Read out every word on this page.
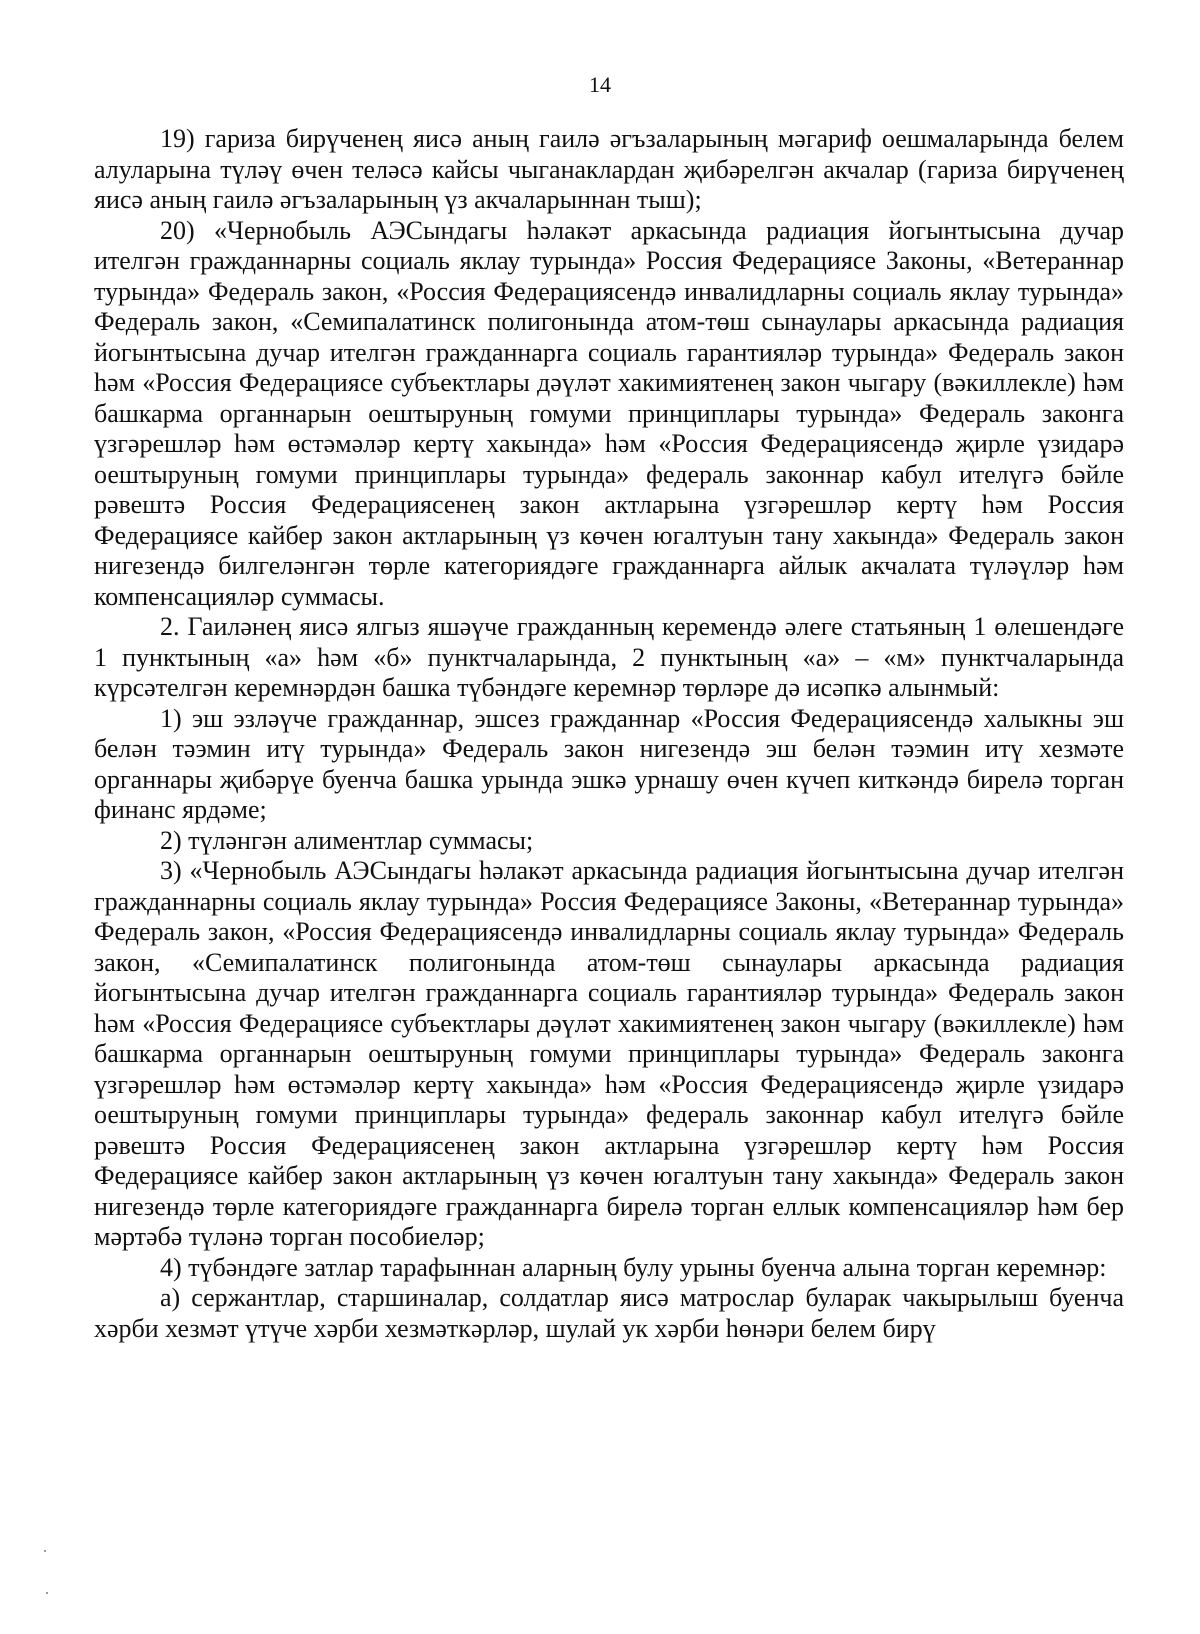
14

19) гариза бирүченең яисә аның гаилә әгъзаларының мәгариф оешмаларында белем алуларына түләү өчен теләсә кайсы чыганаклардан җибәрелгән акчалар (гариза бирүченең яисә аның гаилә әгъзаларының үз акчаларыннан тыш);

20) «Чернобыль АЭСындагы һәлакәт аркасында радиация йогынтысына дучар ителгән гражданнарны социаль яклау турында» Россия Федерациясе Законы, «Ветераннар турында» Федераль закон, «Россия Федерациясендә инвалидларны социаль яклау турында» Федераль закон, «Семипалатинск полигонында атом-төш сынаулары аркасында радиация йогынтысына дучар ителгән гражданнарга социаль гарантияләр турында» Федераль закон һәм «Россия Федерациясе субъектлары дәүләт хакимиятенең закон чыгару (вәкиллекле) һәм башкарма органнарын оештыруның гомуми принциплары турында» Федераль законга үзгәрешләр һәм өстәмәләр кертү хакында» һәм «Россия Федерациясендә җирле үзидарә оештыруның гомуми принциплары турында» федераль законнар кабул ителүгә бәйле рәвештә Россия Федерациясенең закон актларына үзгәрешләр кертү һәм Россия Федерациясе кайбер закон актларының үз көчен югалтуын тану хакында» Федераль закон нигезендә билгеләнгән төрле категориядәге гражданнарга айлык акчалата түләүләр һәм компенсацияләр суммасы.

2. Гаиләнең яисә ялгыз яшәүче гражданның керемендә әлеге статьяның 1 өлешендәге 1 пунктының «а» һәм «б» пунктчаларында, 2 пунктының «а» – «м» пунктчаларында күрсәтелгән керемнәрдән башка түбәндәге керемнәр төрләре дә исәпкә алынмый:

1) эш эзләүче гражданнар, эшсез гражданнар «Россия Федерациясендә халыкны эш белән тәэмин итү турында» Федераль закон нигезендә эш белән тәэмин итү хезмәте органнары җибәрүе буенча башка урында эшкә урнашу өчен күчеп киткәндә бирелә торган финанс ярдәме;

2) түләнгән алиментлар суммасы;

3) «Чернобыль АЭСындагы һәлакәт аркасында радиация йогынтысына дучар ителгән гражданнарны социаль яклау турында» Россия Федерациясе Законы, «Ветераннар турында» Федераль закон, «Россия Федерациясендә инвалидларны социаль яклау турында» Федераль закон, «Семипалатинск полигонында атом-төш сынаулары аркасында радиация йогынтысына дучар ителгән гражданнарга социаль гарантияләр турында» Федераль закон һәм «Россия Федерациясе субъектлары дәүләт хакимиятенең закон чыгару (вәкиллекле) һәм башкарма органнарын оештыруның гомуми принциплары турында» Федераль законга үзгәрешләр һәм өстәмәләр кертү хакында» һәм «Россия Федерациясендә җирле үзидарә оештыруның гомуми принциплары турында» федераль законнар кабул ителүгә бәйле рәвештә Россия Федерациясенең закон актларына үзгәрешләр кертү һәм Россия Федерациясе кайбер закон актларының үз көчен югалтуын тану хакында» Федераль закон нигезендә төрле категориядәге гражданнарга бирелә торган еллык компенсацияләр һәм бер мәртәбә түләнә торган пособиеләр;

4) түбәндәге затлар тарафыннан аларның булу урыны буенча алына торган керемнәр:

а) сержантлар, старшиналар, солдатлар яисә матрослар буларак чакырылыш буенча хәрби хезмәт үтүче хәрби хезмәткәрләр, шулай ук хәрби һөнәри белем бирү
